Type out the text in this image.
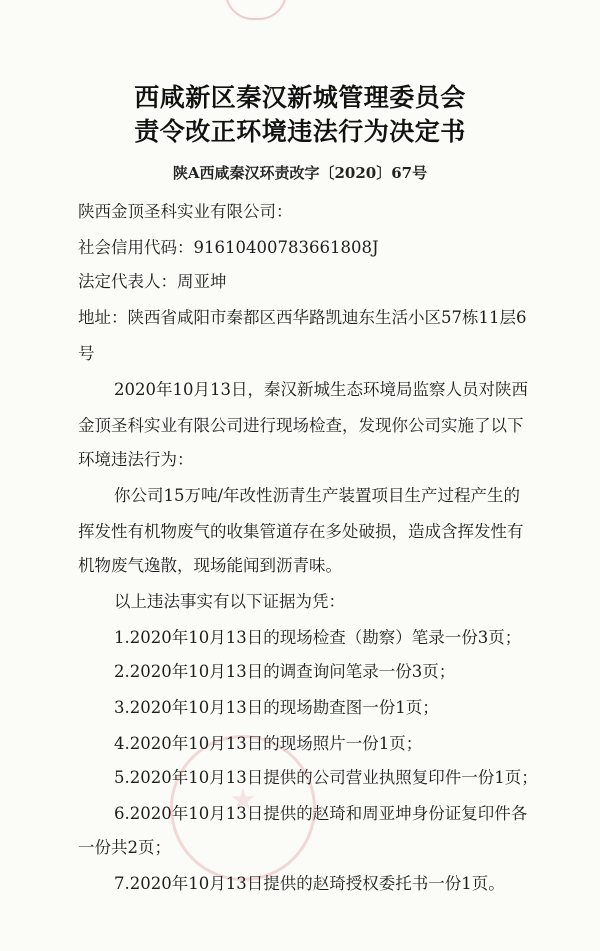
西咸新区秦汉新城管理委员会
责令改正环境违法行为决定书
陕A西咸秦汉环责改字〔2020〕67号
陕西金顶圣科实业有限公司：
社会信用代码：91610400783661808J
法定代表人：周亚坤
地址：陕西省咸阳市秦都区西华路凯迪东生活小区57栋11层6
号
2020年10月13日，秦汉新城生态环境局监察人员对陕西
金顶圣科实业有限公司进行现场检查，发现你公司实施了以下
环境违法行为：
你公司15万吨/年改性沥青生产装置项目生产过程产生的
挥发性有机物废气的收集管道存在多处破损，造成含挥发性有
机物废气逸散，现场能闻到沥青味。
以上违法事实有以下证据为凭：
1.2020年10月13日的现场检查（勘察）笔录一份3页；
2.2020年10月13日的调查询问笔录一份3页；
3.2020年10月13日的现场勘查图一份1页；
4.2020年10月13日的现场照片一份1页；
5.2020年10月13日提供的公司营业执照复印件一份1页；
6.2020年10月13日提供的赵琦和周亚坤身份证复印件各
一份共2页；
7.2020年10月13日提供的赵琦授权委托书一份1页。
